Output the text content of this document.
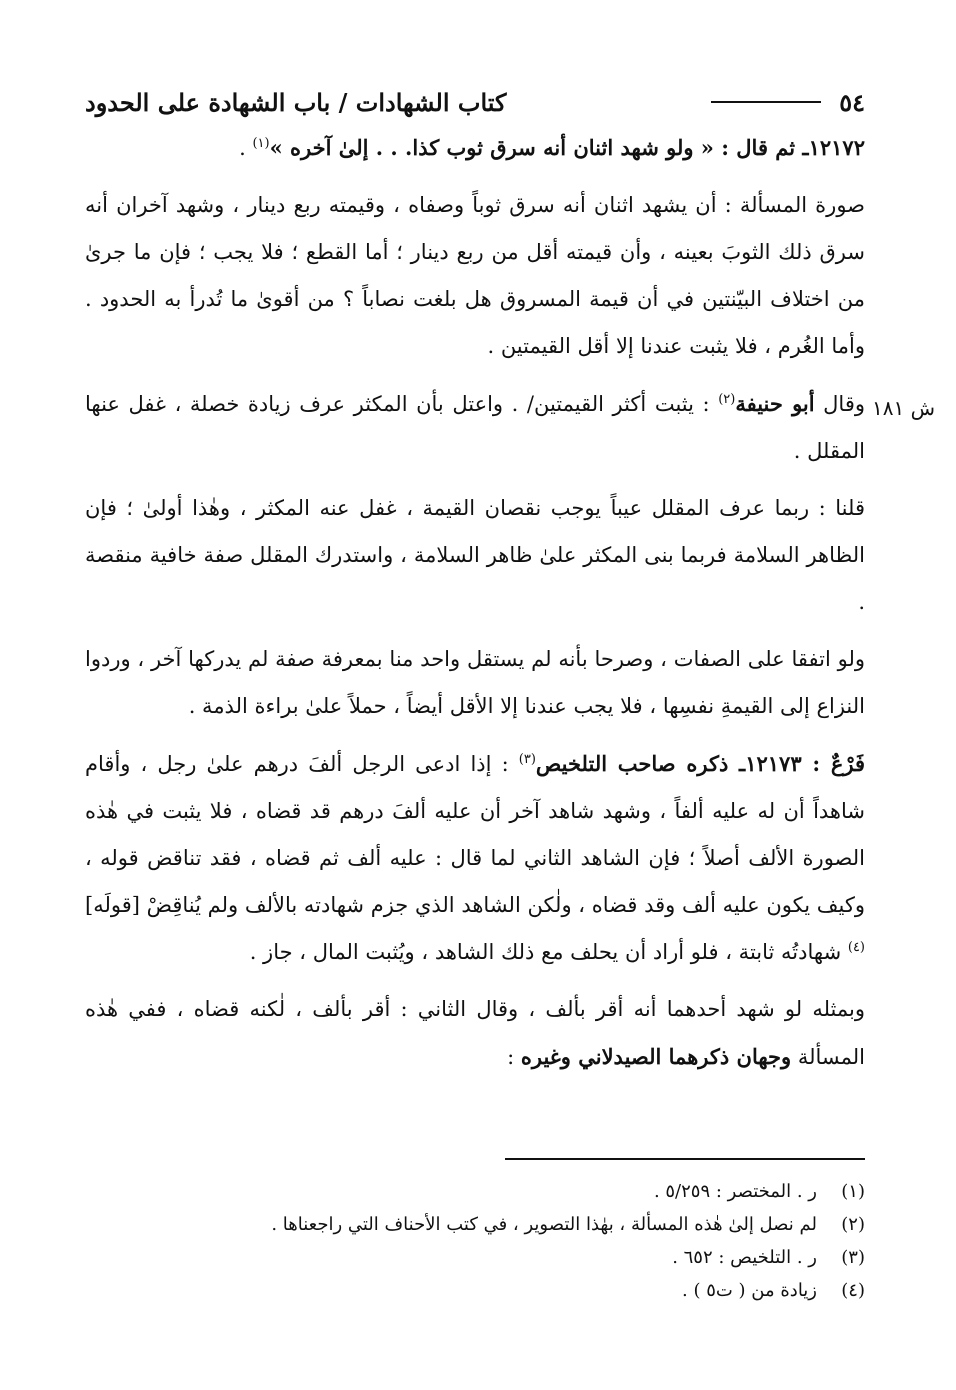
٥٤
كتاب الشهادات / باب الشهادة على الحدود

١٢١٧٢ـ ثم قال : « ولو شهد اثنان أنه سرق ثوب كذا. . . إلىٰ آخره »$^{(١)}$ .

صورة المسألة : أن يشهد اثنان أنه سرق ثوباً وصفاه ، وقيمته ربع دينار ، وشهد آخران أنه سرق ذلك الثوبَ بعينه ، وأن قيمته أقل من ربع دينار ؛ أما القطع ؛ فلا يجب ؛ فإن ما جرىٰ من اختلاف البيّنتين في أن قيمة المسروق هل بلغت نصاباً ؟ من أقوىٰ ما تُدرأ به الحدود . وأما الغُرم ، فلا يثبت عندنا إلا أقل القيمتين .

وقال أبو حنيفة$^{(٢)}$ : يثبت أكثر القيمتين/ . واعتل بأن المكثر عرف زيادة خصلة ، غفل عنها المقلل .

قلنا : ربما عرف المقلل عيباً يوجب نقصان القيمة ، غفل عنه المكثر ، وهٰذا أولىٰ ؛ فإن الظاهر السلامة فربما بنى المكثر علىٰ ظاهر السلامة ، واستدرك المقلل صفة خافية منقصة .

ولو اتفقا على الصفات ، وصرحا بأنه لم يستقل واحد منا بمعرفة صفة لم يدركها آخر ، وردوا النزاع إلى القيمةِ نفسِها ، فلا يجب عندنا إلا الأقل أيضاً ، حملاً علىٰ براءة الذمة .

فَرْعٌ : ١٢١٧٣ـ ذكره صاحب التلخيص$^{(٣)}$ : إذا ادعى الرجل ألفَ درهم علىٰ رجل ، وأقام شاهداً أن له عليه ألفاً ، وشهد شاهد آخر أن عليه ألفَ درهم قد قضاه ، فلا يثبت في هٰذه الصورة الألف أصلاً ؛ فإن الشاهد الثاني لما قال : عليه ألف ثم قضاه ، فقد تناقض قوله ، وكيف يكون عليه ألف وقد قضاه ، ولٰكن الشاهد الذي جزم شهادته بالألف ولم يُناقِضْ [قولَه]$^{(٤)}$ شهادتُه ثابتة ، فلو أراد أن يحلف مع ذلك الشاهد ، ويُثبت المال ، جاز .

وبمثله لو شهد أحدهما أنه أقر بألف ، وقال الثاني : أقر بألف ، لٰكنه قضاه ، ففي هٰذه المسألة وجهان ذكرهما الصيدلاني وغيره :

ش ١٨١
(١)
ر . المختصر : ٥/٢٥٩ .
(٢)
لم نصل إلىٰ هٰذه المسألة ، بهٰذا التصوير ، في كتب الأحناف التي راجعناها .
(٣)
ر . التلخيص : ٦٥٢ .
(٤)
زيادة من ( ت٥ ) .
